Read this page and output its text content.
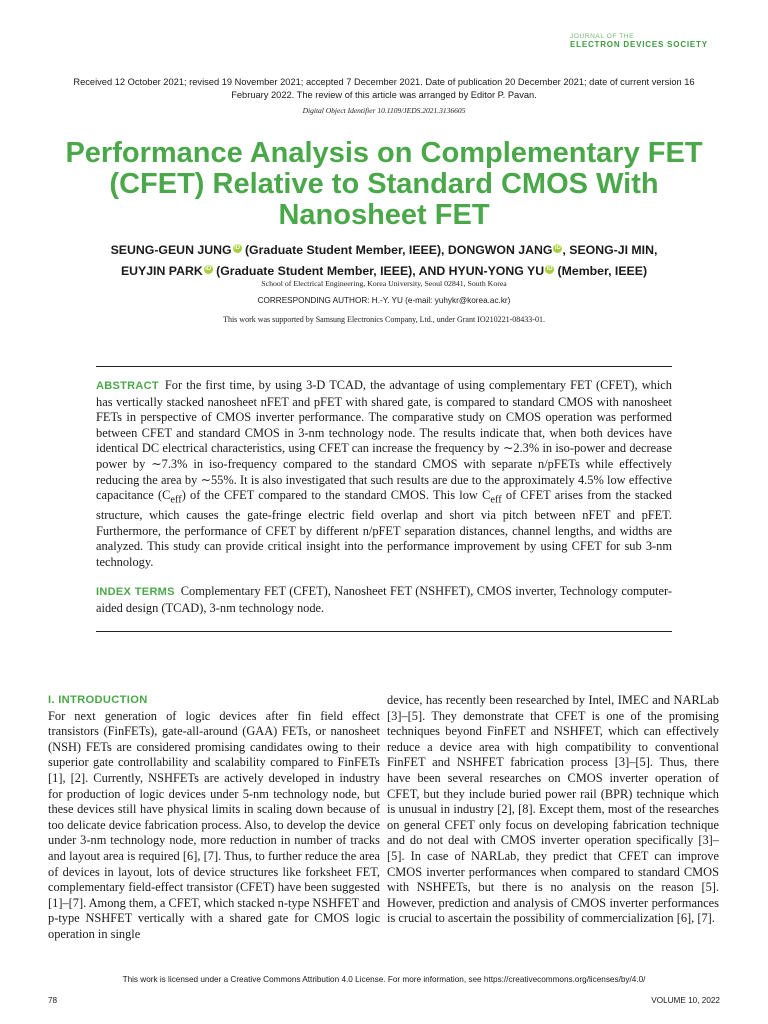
JOURNAL OF THE
ELECTRON DEVICES SOCIETY
Received 12 October 2021; revised 19 November 2021; accepted 7 December 2021. Date of publication 20 December 2021; date of current version 16 February 2022. The review of this article was arranged by Editor P. Pavan.
Digital Object Identifier 10.1109/JEDS.2021.3136605
Performance Analysis on Complementary FET (CFET) Relative to Standard CMOS With Nanosheet FET
SEUNG-GEUN JUNG iD (Graduate Student Member, IEEE), DONGWON JANG iD , SEONG-JI MIN,
EUYJIN PARK iD (Graduate Student Member, IEEE), AND HYUN-YONG YU iD (Member, IEEE)
School of Electrical Engineering, Korea University, Seoul 02841, South Korea
CORRESPONDING AUTHOR: H.-Y. YU (e-mail: yuhykr@korea.ac.kr)
This work was supported by Samsung Electronics Company, Ltd., under Grant IO210221-08433-01.
ABSTRACT For the first time, by using 3-D TCAD, the advantage of using complementary FET (CFET), which has vertically stacked nanosheet nFET and pFET with shared gate, is compared to standard CMOS with nanosheet FETs in perspective of CMOS inverter performance. The comparative study on CMOS operation was performed between CFET and standard CMOS in 3-nm technology node. The results indicate that, when both devices have identical DC electrical characteristics, using CFET can increase the frequency by ∼2.3% in iso-power and decrease power by ∼7.3% in iso-frequency compared to the standard CMOS with separate n/pFETs while effectively reducing the area by ∼55%. It is also investigated that such results are due to the approximately 4.5% low effective capacitance $(C_{eff})$ of the CFET compared to the standard CMOS. This low $C_{eff}$ of CFET arises from the stacked structure, which causes the gate-fringe electric field overlap and short via pitch between nFET and pFET. Furthermore, the performance of CFET by different n/pFET separation distances, channel lengths, and widths are analyzed. This study can provide critical insight into the performance improvement by using CFET for sub 3-nm technology.
INDEX TERMS Complementary FET (CFET), Nanosheet FET (NSHFET), CMOS inverter, Technology computer-aided design (TCAD), 3-nm technology node.
I. INTRODUCTION
For next generation of logic devices after fin field effect transistors (FinFETs), gate-all-around (GAA) FETs, or nanosheet (NSH) FETs are considered promising candidates owing to their superior gate controllability and scalability compared to FinFETs [1], [2]. Currently, NSHFETs are actively developed in industry for production of logic devices under 5-nm technology node, but these devices still have physical limits in scaling down because of too delicate device fabrication process. Also, to develop the device under 3-nm technology node, more reduction in number of tracks and layout area is required [6], [7]. Thus, to further reduce the area of devices in layout, lots of device structures like forksheet FET, complementary field-effect transistor (CFET) have been suggested [1]–[7]. Among them, a CFET, which stacked n-type NSHFET and p-type NSHFET vertically with a shared gate for CMOS logic operation in single
device, has recently been researched by Intel, IMEC and NARLab [3]–[5]. They demonstrate that CFET is one of the promising techniques beyond FinFET and NSHFET, which can effectively reduce a device area with high compatibility to conventional FinFET and NSHFET fabrication process [3]–[5]. Thus, there have been several researches on CMOS inverter operation of CFET, but they include buried power rail (BPR) technique which is unusual in industry [2], [8]. Except them, most of the researches on general CFET only focus on developing fabrication technique and do not deal with CMOS inverter operation specifically [3]–[5]. In case of NARLab, they predict that CFET can improve CMOS inverter performances when compared to standard CMOS with NSHFETs, but there is no analysis on the reason [5]. However, prediction and analysis of CMOS inverter performances is crucial to ascertain the possibility of commercialization [6], [7].
This work is licensed under a Creative Commons Attribution 4.0 License. For more information, see https://creativecommons.org/licenses/by/4.0/
78	VOLUME 10, 2022
